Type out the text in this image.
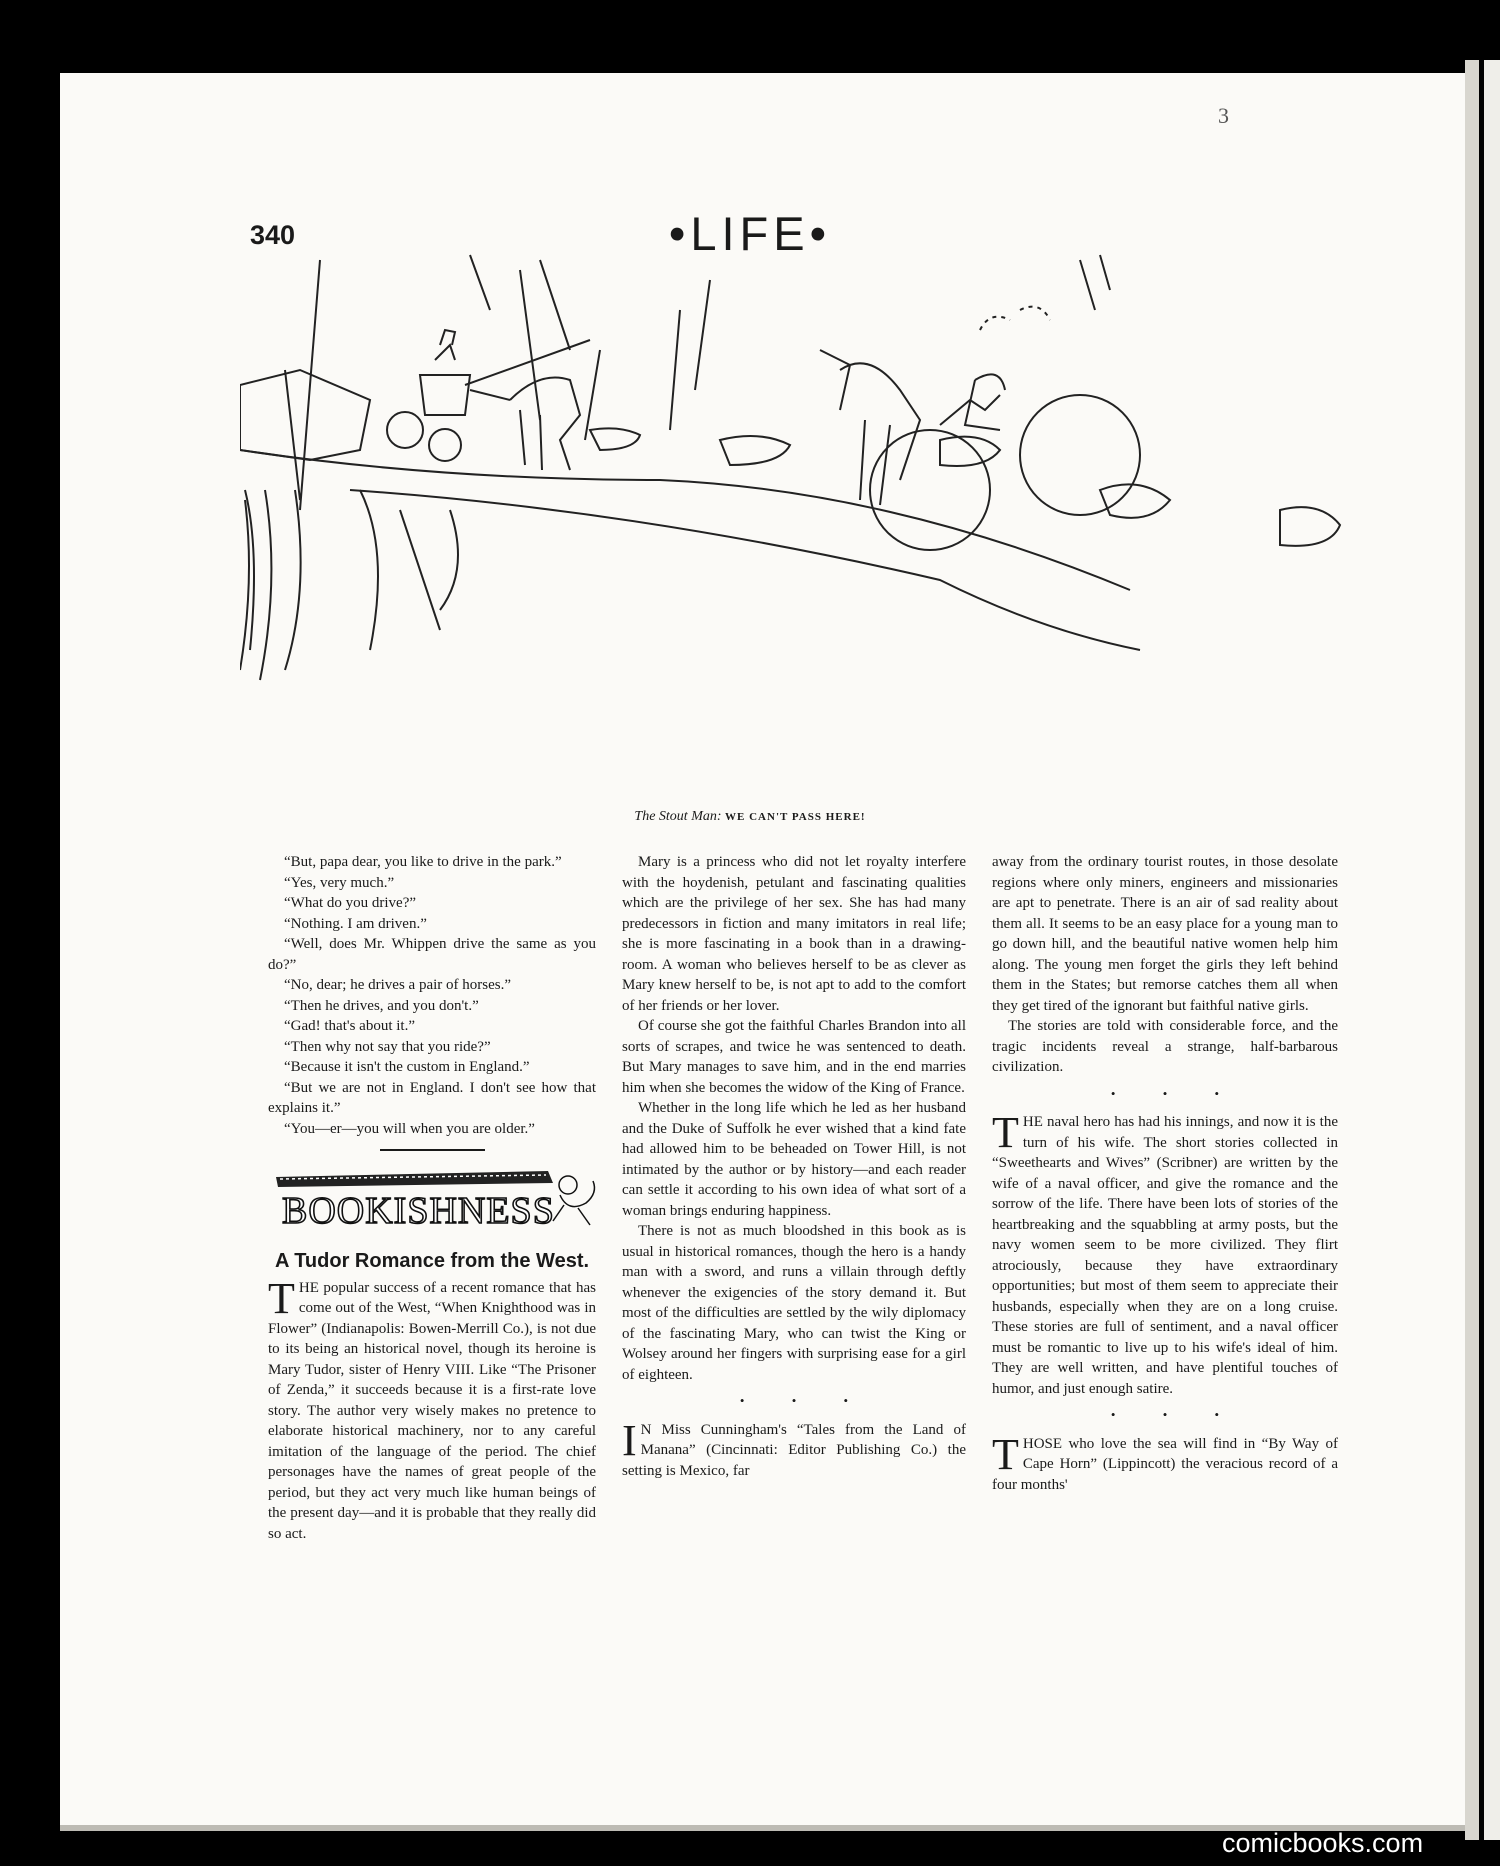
3
340	•LIFE•
The Stout Man: WE CAN'T PASS HERE!

“But, papa dear, you like to drive in the park.”

“Yes, very much.”

“What do you drive?”

“Nothing. I am driven.”

“Well, does Mr. Whippen drive the same as you do?”

“No, dear; he drives a pair of horses.”

“Then he drives, and you don't.”

“Gad! that's about it.”

“Then why not say that you ride?”

“Because it isn't the custom in England.”

“But we are not in England. I don't see how that explains it.”

“You—er—you will when you are older.”

BOOKISHNESS
A Tudor Romance from the West.

THE popular success of a recent romance that has come out of the West, “When Knighthood was in Flower” (Indianapolis: Bowen-Merrill Co.), is not due to its being an historical novel, though its heroine is Mary Tudor, sister of Henry VIII. Like “The Prisoner of Zenda,” it succeeds because it is a first-rate love story. The author very wisely makes no pretence to elaborate historical machinery, nor to any careful imitation of the language of the period. The chief personages have the names of great people of the period, but they act very much like human beings of the present day—and it is probable that they really did so act.

Mary is a princess who did not let royalty interfere with the hoydenish, petulant and fascinating qualities which are the privilege of her sex. She has had many predecessors in fiction and many imitators in real life; she is more fascinating in a book than in a drawing-room. A woman who believes herself to be as clever as Mary knew herself to be, is not apt to add to the comfort of her friends or her lover.

Of course she got the faithful Charles Brandon into all sorts of scrapes, and twice he was sentenced to death. But Mary manages to save him, and in the end marries him when she becomes the widow of the King of France.

Whether in the long life which he led as her husband and the Duke of Suffolk he ever wished that a kind fate had allowed him to be beheaded on Tower Hill, is not intimated by the author or by history—and each reader can settle it according to his own idea of what sort of a woman brings enduring happiness.

There is not as much bloodshed in this book as is usual in historical romances, though the hero is a handy man with a sword, and runs a villain through deftly whenever the exigencies of the story demand it. But most of the difficulties are settled by the wily diplomacy of the fascinating Mary, who can twist the King or Wolsey around her fingers with surprising ease for a girl of eighteen.

• • •

I N Miss Cunningham's “Tales from the Land of Manana” (Cincinnati: Editor Publishing Co.) the setting is Mexico, far

away from the ordinary tourist routes, in those desolate regions where only miners, engineers and missionaries are apt to penetrate. There is an air of sad reality about them all. It seems to be an easy place for a young man to go down hill, and the beautiful native women help him along. The young men forget the girls they left behind them in the States; but remorse catches them all when they get tired of the ignorant but faithful native girls.

The stories are told with considerable force, and the tragic incidents reveal a strange, half-barbarous civilization.

• • •

THE naval hero has had his innings, and now it is the turn of his wife. The short stories collected in “Sweethearts and Wives” (Scribner) are written by the wife of a naval officer, and give the romance and the sorrow of the life. There have been lots of stories of the heartbreaking and the squabbling at army posts, but the navy women seem to be more civilized. They flirt atrociously, because they have extraordinary opportunities; but most of them seem to appreciate their husbands, especially when they are on a long cruise. These stories are full of sentiment, and a naval officer must be romantic to live up to his wife's ideal of him. They are well written, and have plentiful touches of humor, and just enough satire.

• • •

THOSE who love the sea will find in “By Way of Cape Horn” (Lippincott) the veracious record of a four months'

comicbooks.com
